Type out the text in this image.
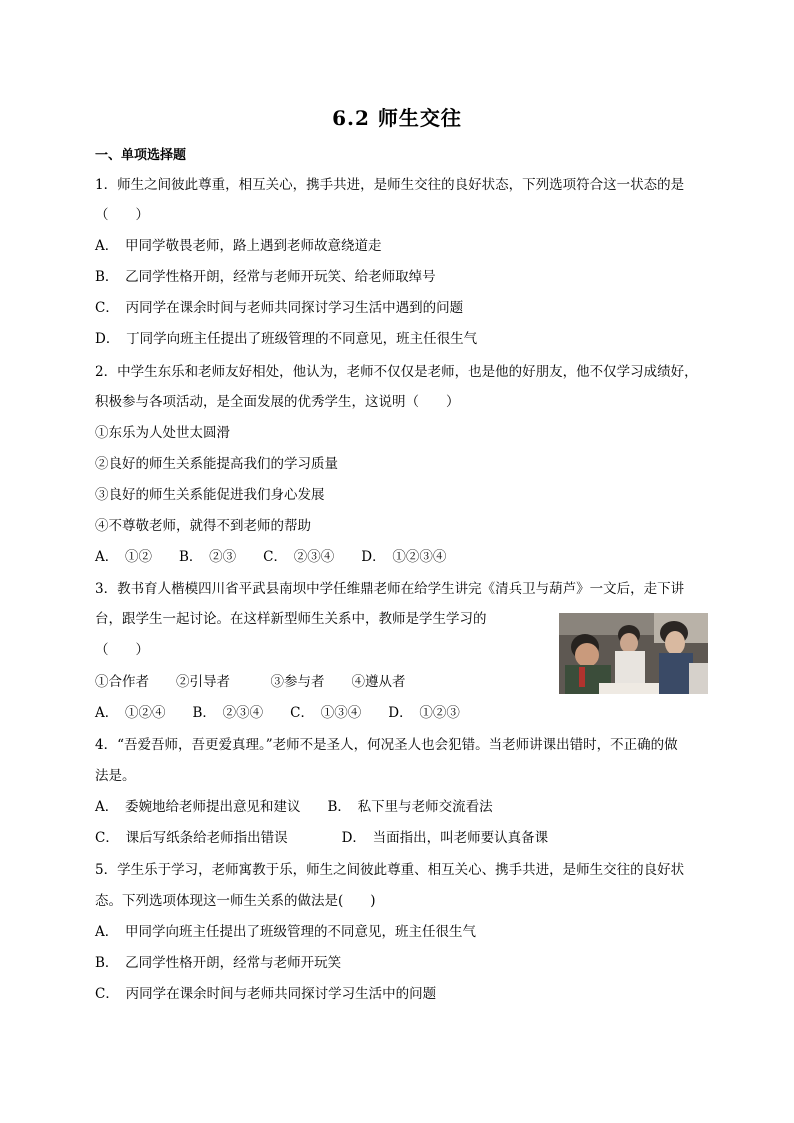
6.2 师生交往
一、单项选择题
1．师生之间彼此尊重，相互关心，携手共进，是师生交往的良好状态，下列选项符合这一状态的是
（　　）
A．　甲同学敬畏老师，路上遇到老师故意绕道走
B．　乙同学性格开朗，经常与老师开玩笑、给老师取绰号
C．　丙同学在课余时间与老师共同探讨学习生活中遇到的问题
D．　丁同学向班主任提出了班级管理的不同意见，班主任很生气
2．中学生东乐和老师友好相处，他认为，老师不仅仅是老师，也是他的好朋友，他不仅学习成绩好，
积极参与各项活动，是全面发展的优秀学生，这说明（　　）
①东乐为人处世太圆滑
②良好的师生关系能提高我们的学习质量
③良好的师生关系能促进我们身心发展
④不尊敬老师，就得不到老师的帮助
A．　①②　　B．　②③　　C．　②③④　　D．　①②③④
3．教书育人楷模四川省平武县南坝中学任维鼎老师在给学生讲完《清兵卫与葫芦》一文后，走下讲
台，跟学生一起讨论。在这样新型师生关系中，教师是学生学习的
（　　）
①合作者　　②引导者　　　③参与者　　④遵从者
A．　①②④　　B．　②③④　　C．　①③④　　D．　①②③
4．“吾爱吾师，吾更爱真理。”老师不是圣人，何况圣人也会犯错。当老师讲课出错时，不正确的做
法是。
A．　委婉地给老师提出意见和建议　　B．　私下里与老师交流看法
C．　课后写纸条给老师指出错误　　　　D．　当面指出，叫老师要认真备课
5．学生乐于学习，老师寓教于乐，师生之间彼此尊重、相互关心、携手共进，是师生交往的良好状
态。下列选项体现这一师生关系的做法是(　　)
A．　甲同学向班主任提出了班级管理的不同意见，班主任很生气
B．　乙同学性格开朗，经常与老师开玩笑
C．　丙同学在课余时间与老师共同探讨学习生活中的问题
